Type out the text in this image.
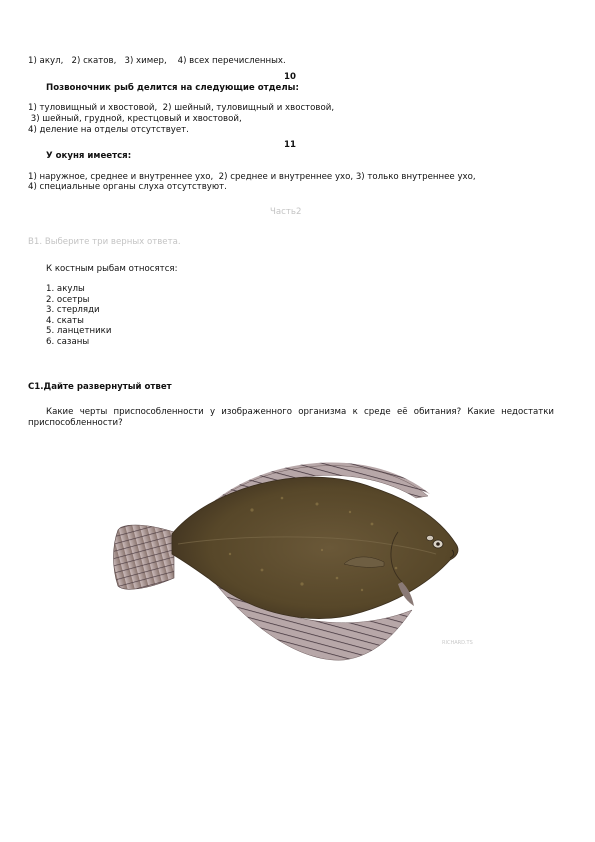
1) акул,   2) скатов,   3) химер,    4) всех перечисленных.
10
Позвоночник рыб делится на следующие отделы:
1) туловищный и хвостовой,  2) шейный, туловищный и хвостовой,
3) шейный, грудной, крестцовый и хвостовой,
4) деление на отделы отсутствует.
11
У окуня имеется:
1) наружное, среднее и внутреннее ухо,  2) среднее и внутреннее ухо, 3) только внутреннее ухо,
4) специальные органы слуха отсутствуют.
Часть2
В1. Выберите три верных ответа.
К костным рыбам относятся:
1. акулы
2. осетры
3. стерляди
4. скаты
5. ланцетники
6. сазаны
С1.Дайте развернутый ответ
Какие черты приспособленности у изображенного организма к среде её обитания? Какие недостатки приспособленности?
RICHARD.TS
